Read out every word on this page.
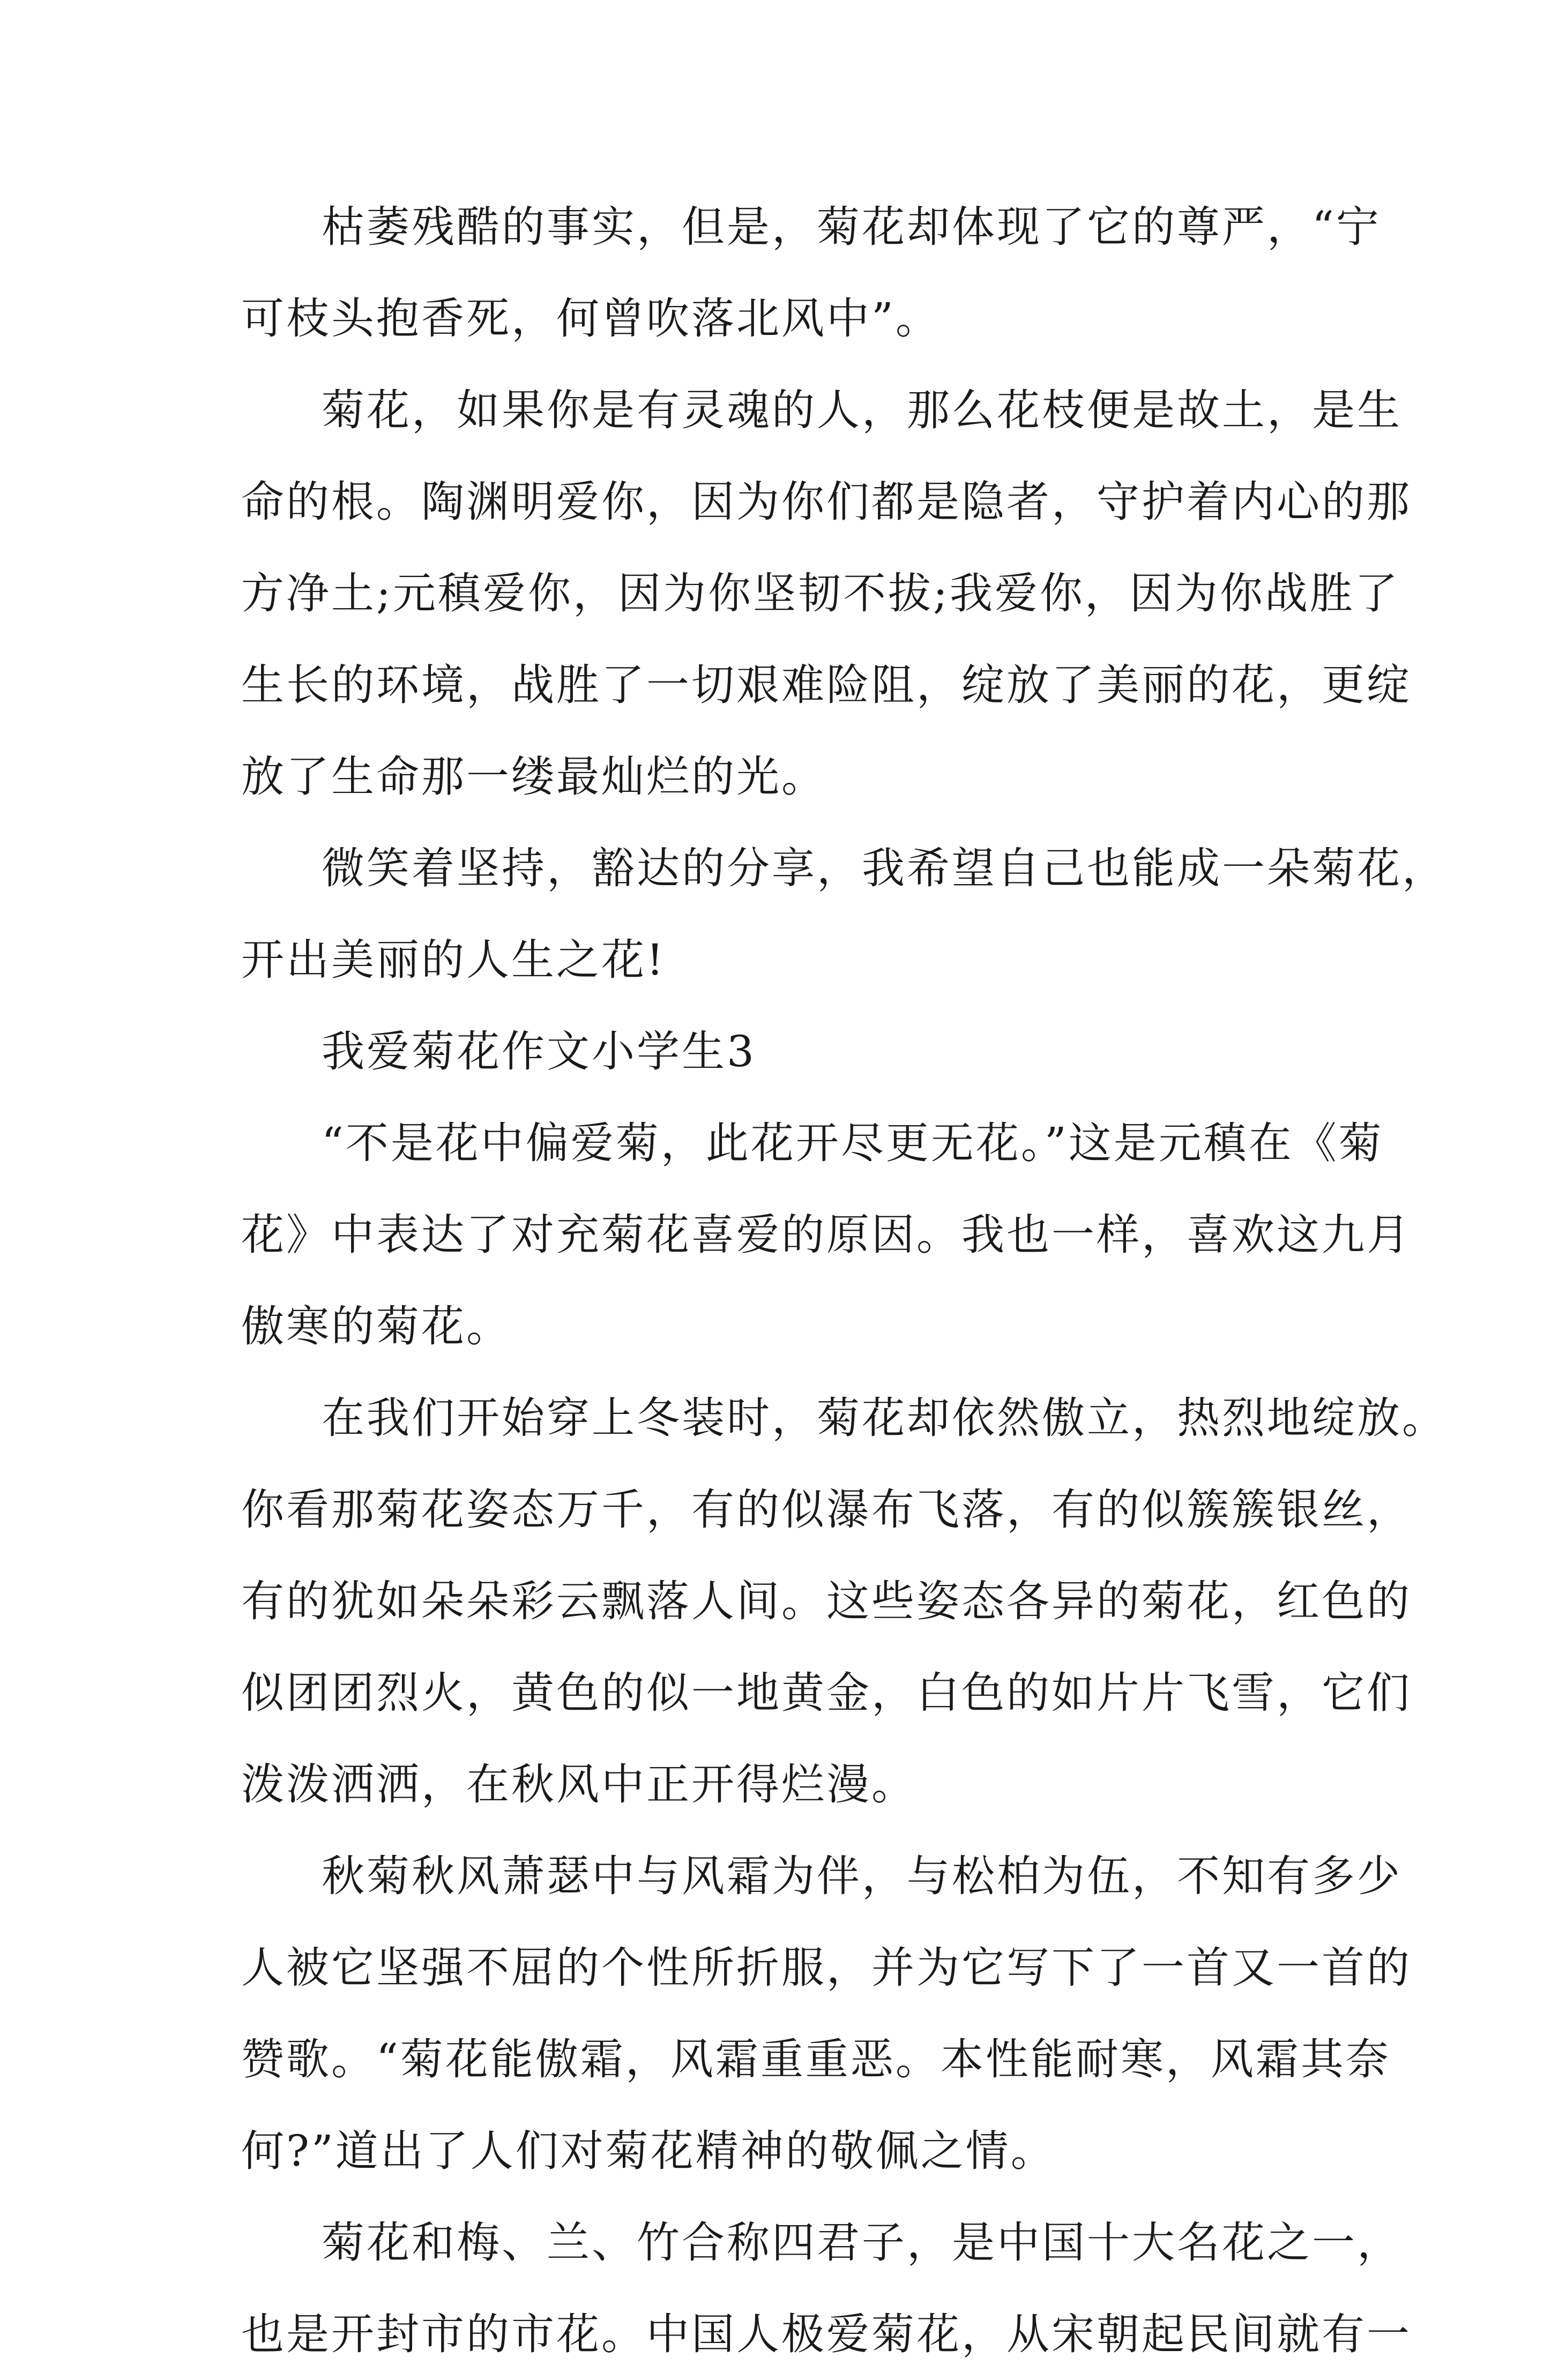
枯萎残酷的事实，但是，菊花却体现了它的尊严，“宁
可枝头抱香死，何曾吹落北风中”。
菊花，如果你是有灵魂的人，那么花枝便是故土，是生
命的根。陶渊明爱你，因为你们都是隐者，守护着内心的那
方净土;元稹爱你，因为你坚韧不拔;我爱你，因为你战胜了
生长的环境，战胜了一切艰难险阻，绽放了美丽的花，更绽
放了生命那一缕最灿烂的光。
微笑着坚持，豁达的分享，我希望自己也能成一朵菊花，
开出美丽的人生之花!
我爱菊花作文小学生3
“不是花中偏爱菊，此花开尽更无花。”这是元稹在《菊
花》中表达了对充菊花喜爱的原因。我也一样，喜欢这九月
傲寒的菊花。
在我们开始穿上冬装时，菊花却依然傲立，热烈地绽放。
你看那菊花姿态万千，有的似瀑布飞落，有的似簇簇银丝，
有的犹如朵朵彩云飘落人间。这些姿态各异的菊花，红色的
似团团烈火，黄色的似一地黄金，白色的如片片飞雪，它们
泼泼洒洒，在秋风中正开得烂漫。
秋菊秋风萧瑟中与风霜为伴，与松柏为伍，不知有多少
人被它坚强不屈的个性所折服，并为它写下了一首又一首的
赞歌。“菊花能傲霜，风霜重重恶。本性能耐寒，风霜其奈
何?”道出了人们对菊花精神的敬佩之情。
菊花和梅、兰、竹合称四君子，是中国十大名花之一，
也是开封市的市花。中国人极爱菊花，从宋朝起民间就有一
